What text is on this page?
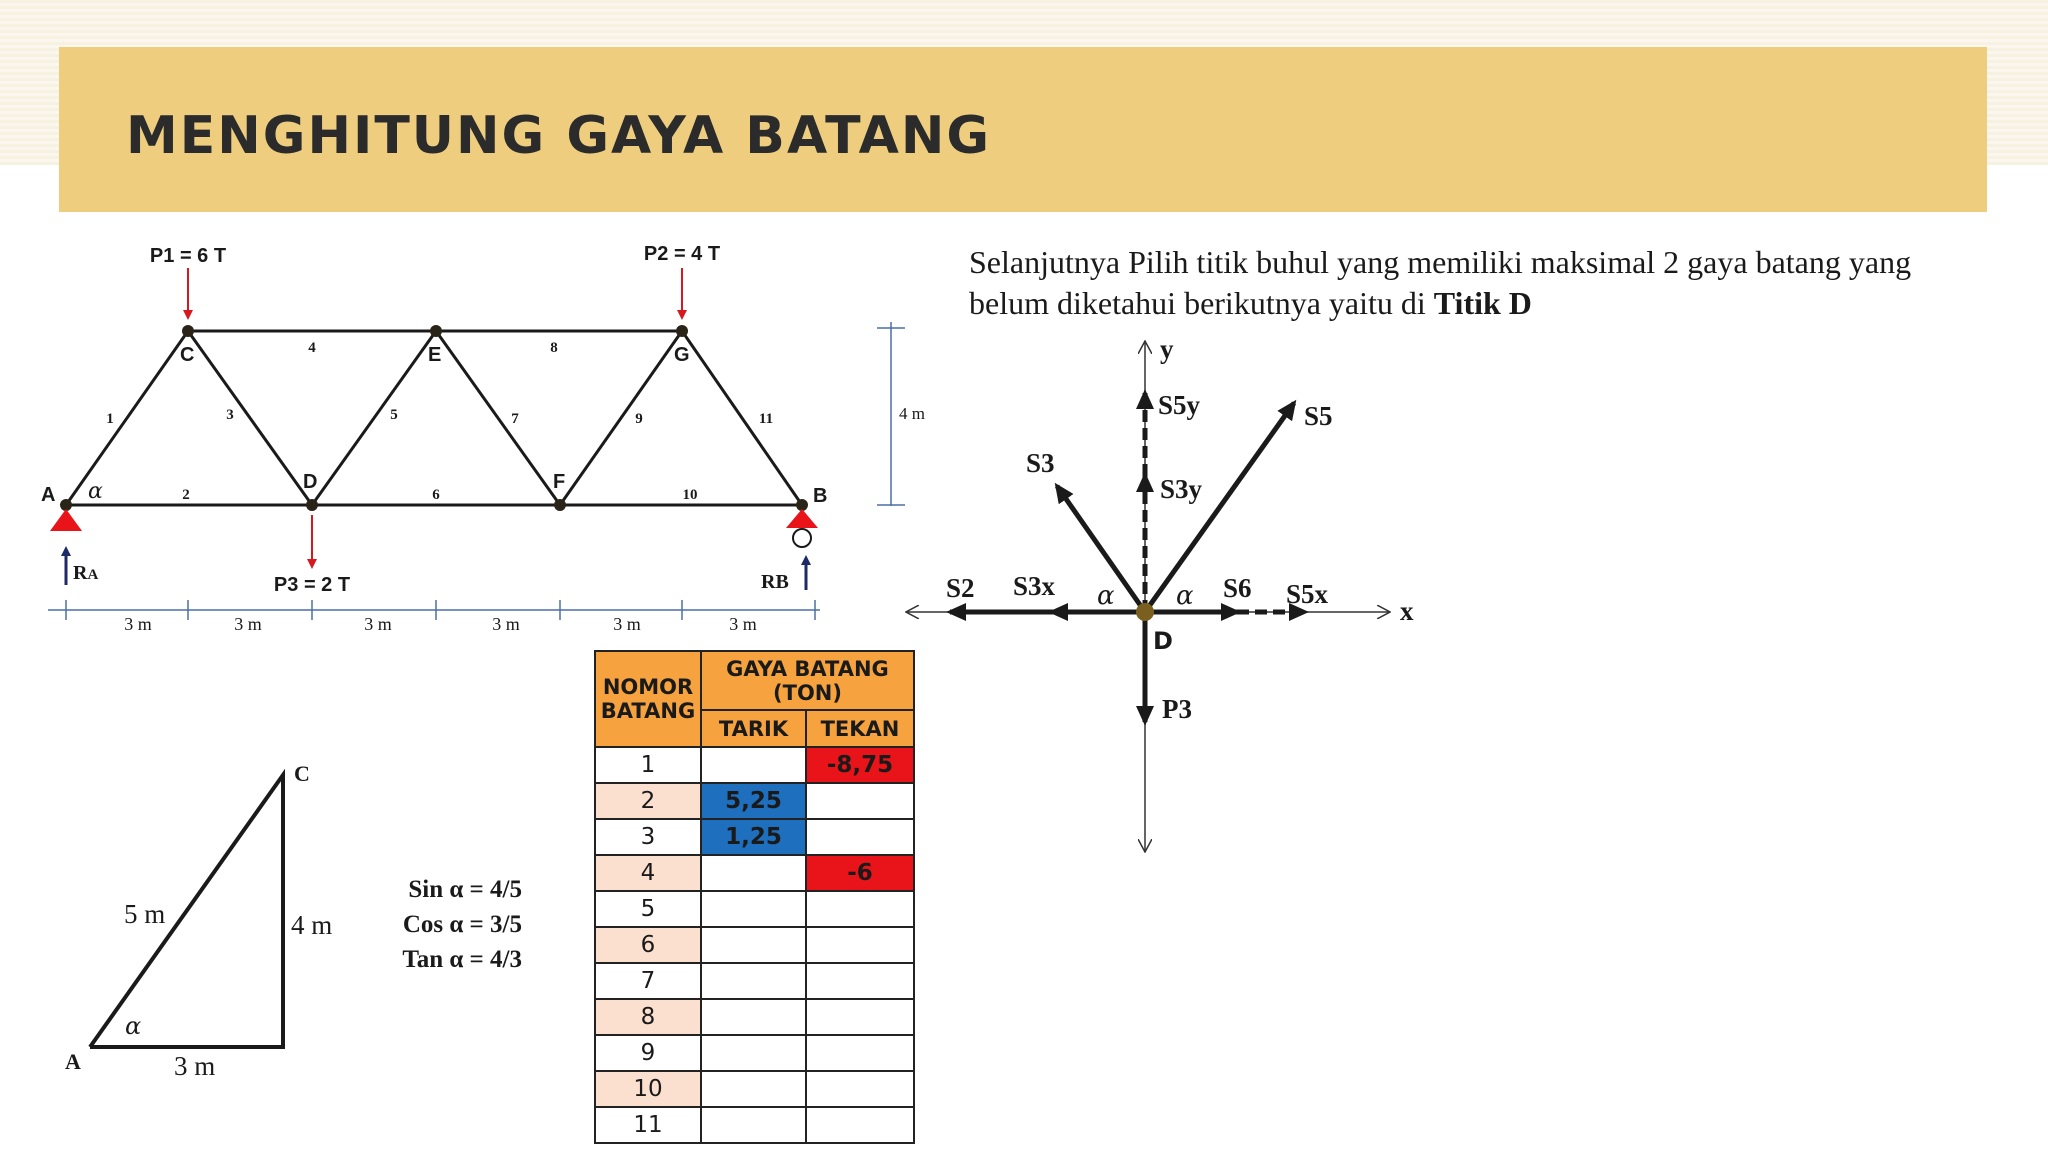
MENGHITUNG GAYA BATANG
Selanjutnya Pilih titik buhul yang memiliki maksimal 2 gaya batang yang belum diketahui berikutnya yaitu di Titik D
P1 = 6 T	P2 = 4 T
P3 = 2 T
A	B
C
D
E
F
G
1
2
3
4
5
6
7
8
9
10
11
α
RA	RB
4 m
3 m	3 m	3 m	3 m	3 m	3 m
A
C
5 m	4 m
3 m
α
y
x
S5y	S5
S3
S3y
S2 S3x	S6 S5x
P3
D
α α
Sin α = 4/5
Cos α = 3/5
Tan α = 4/3
NOMOR BATANG	GAYA BATANG (TON)	
	TARIK	TEKAN
1		-8,75
2	5,25	
3	1,25	
4		-6
5		
6		
7		
8		
9		
10		
11		
